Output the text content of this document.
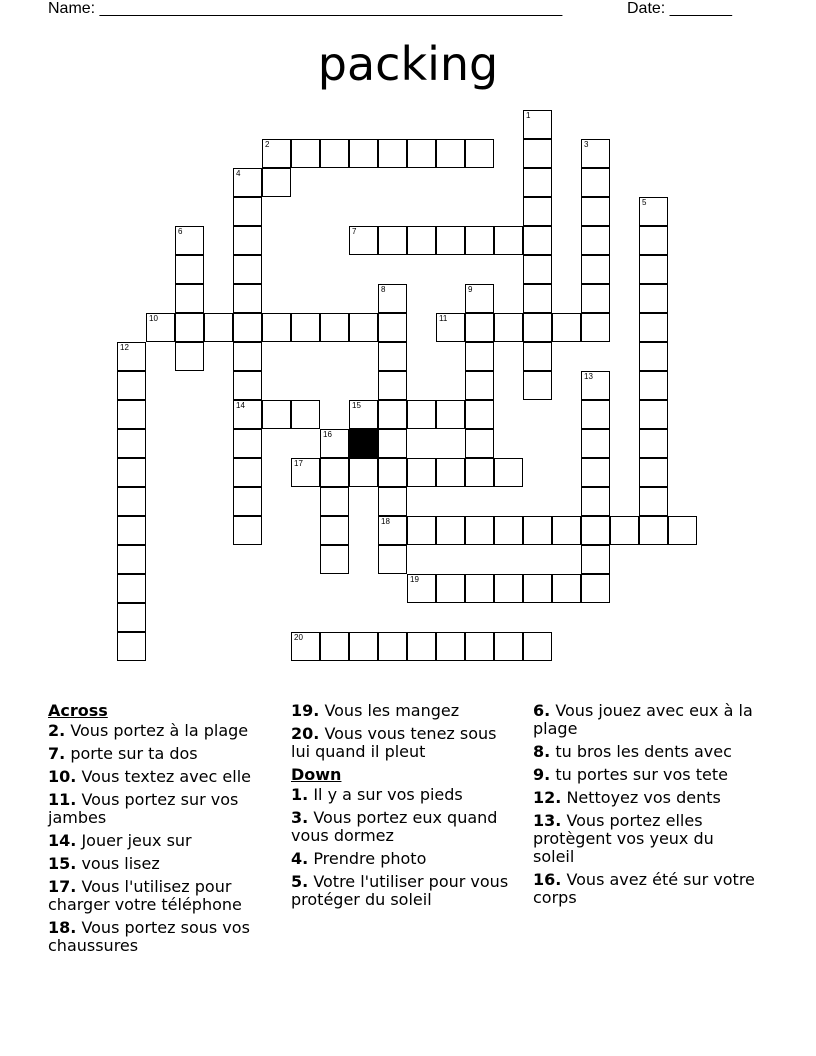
Name: ____________________________________________________	Date: _______
packing
1
2	3
4
5
6	7
8	9
10	11
12
13
14	15
16
17
18
19
20
Across
2. Vous portez à la plage
7. porte sur ta dos
10. Vous textez avec elle
11. Vous portez sur vos jambes
14. Jouer jeux sur
15. vous lisez
17. Vous l'utilisez pour charger votre téléphone
18. Vous portez sous vos chaussures
19. Vous les mangez
20. Vous vous tenez sous lui quand il pleut
Down
1. Il y a sur vos pieds
3. Vous portez eux quand vous dormez
4. Prendre photo
5. Votre l'utiliser pour vous protéger du soleil
6. Vous jouez avec eux à la plage
8. tu bros les dents avec
9. tu portes sur vos tete
12. Nettoyez vos dents
13. Vous portez elles protègent vos yeux du soleil
16. Vous avez été sur votre corps
